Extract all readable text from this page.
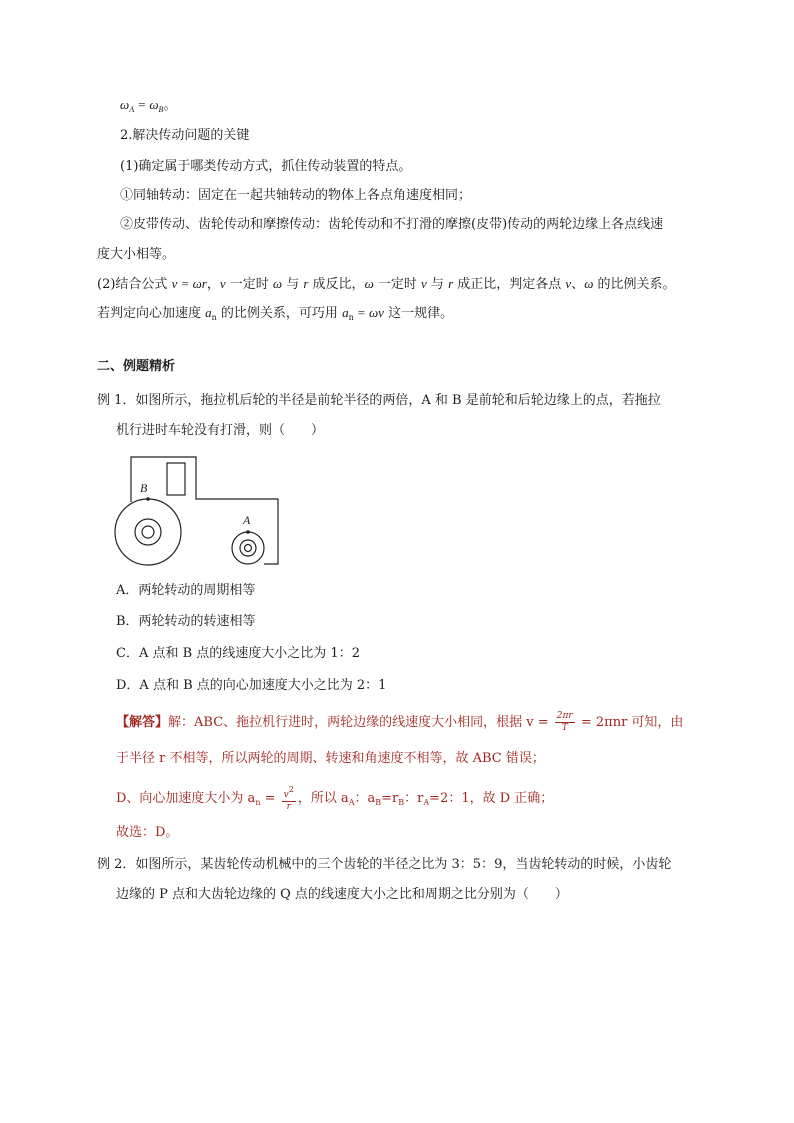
$\omega_A = \omega_B$。
2.解决传动问题的关键
(1)确定属于哪类传动方式，抓住传动装置的特点。
①同轴转动：固定在一起共轴转动的物体上各点角速度相同；
②皮带传动、齿轮传动和摩擦传动：齿轮传动和不打滑的摩擦(皮带)传动的两轮边缘上各点线速
度大小相等。
(2)结合公式 v = ωr，v 一定时 ω 与 r 成反比，ω 一定时 v 与 r 成正比，判定各点 v、ω 的比例关系。
若判定向心加速度 $a_n$ 的比例关系，可巧用 $a_n = \omega v$ 这一规律。
二、例题精析
例 1．如图所示，拖拉机后轮的半径是前轮半径的两倍，A 和 B 是前轮和后轮边缘上的点，若拖拉
机行进时车轮没有打滑，则（　　）
B
A
A．两轮转动的周期相等
B．两轮转动的转速相等
C．A 点和 B 点的线速度大小之比为 1：2
D．A 点和 B 点的向心加速度大小之比为 2：1
【解答】解：ABC、拖拉机行进时，两轮边缘的线速度大小相同，根据 $v = \frac{2\pi r}{T} = 2\pi nr$ 可知，由
于半径 r 不相等，所以两轮的周期、转速和角速度不相等，故 ABC 错误；
D、向心加速度大小为 $a_n = \frac{v2}{r}$ ，所以 $a_A$：$a_B=r_B$：$r_A=2$：1，故 D 正确；
故选：D。
例 2．如图所示，某齿轮传动机械中的三个齿轮的半径之比为 3：5：9，当齿轮转动的时候，小齿轮
边缘的 P 点和大齿轮边缘的 Q 点的线速度大小之比和周期之比分别为（　　）
